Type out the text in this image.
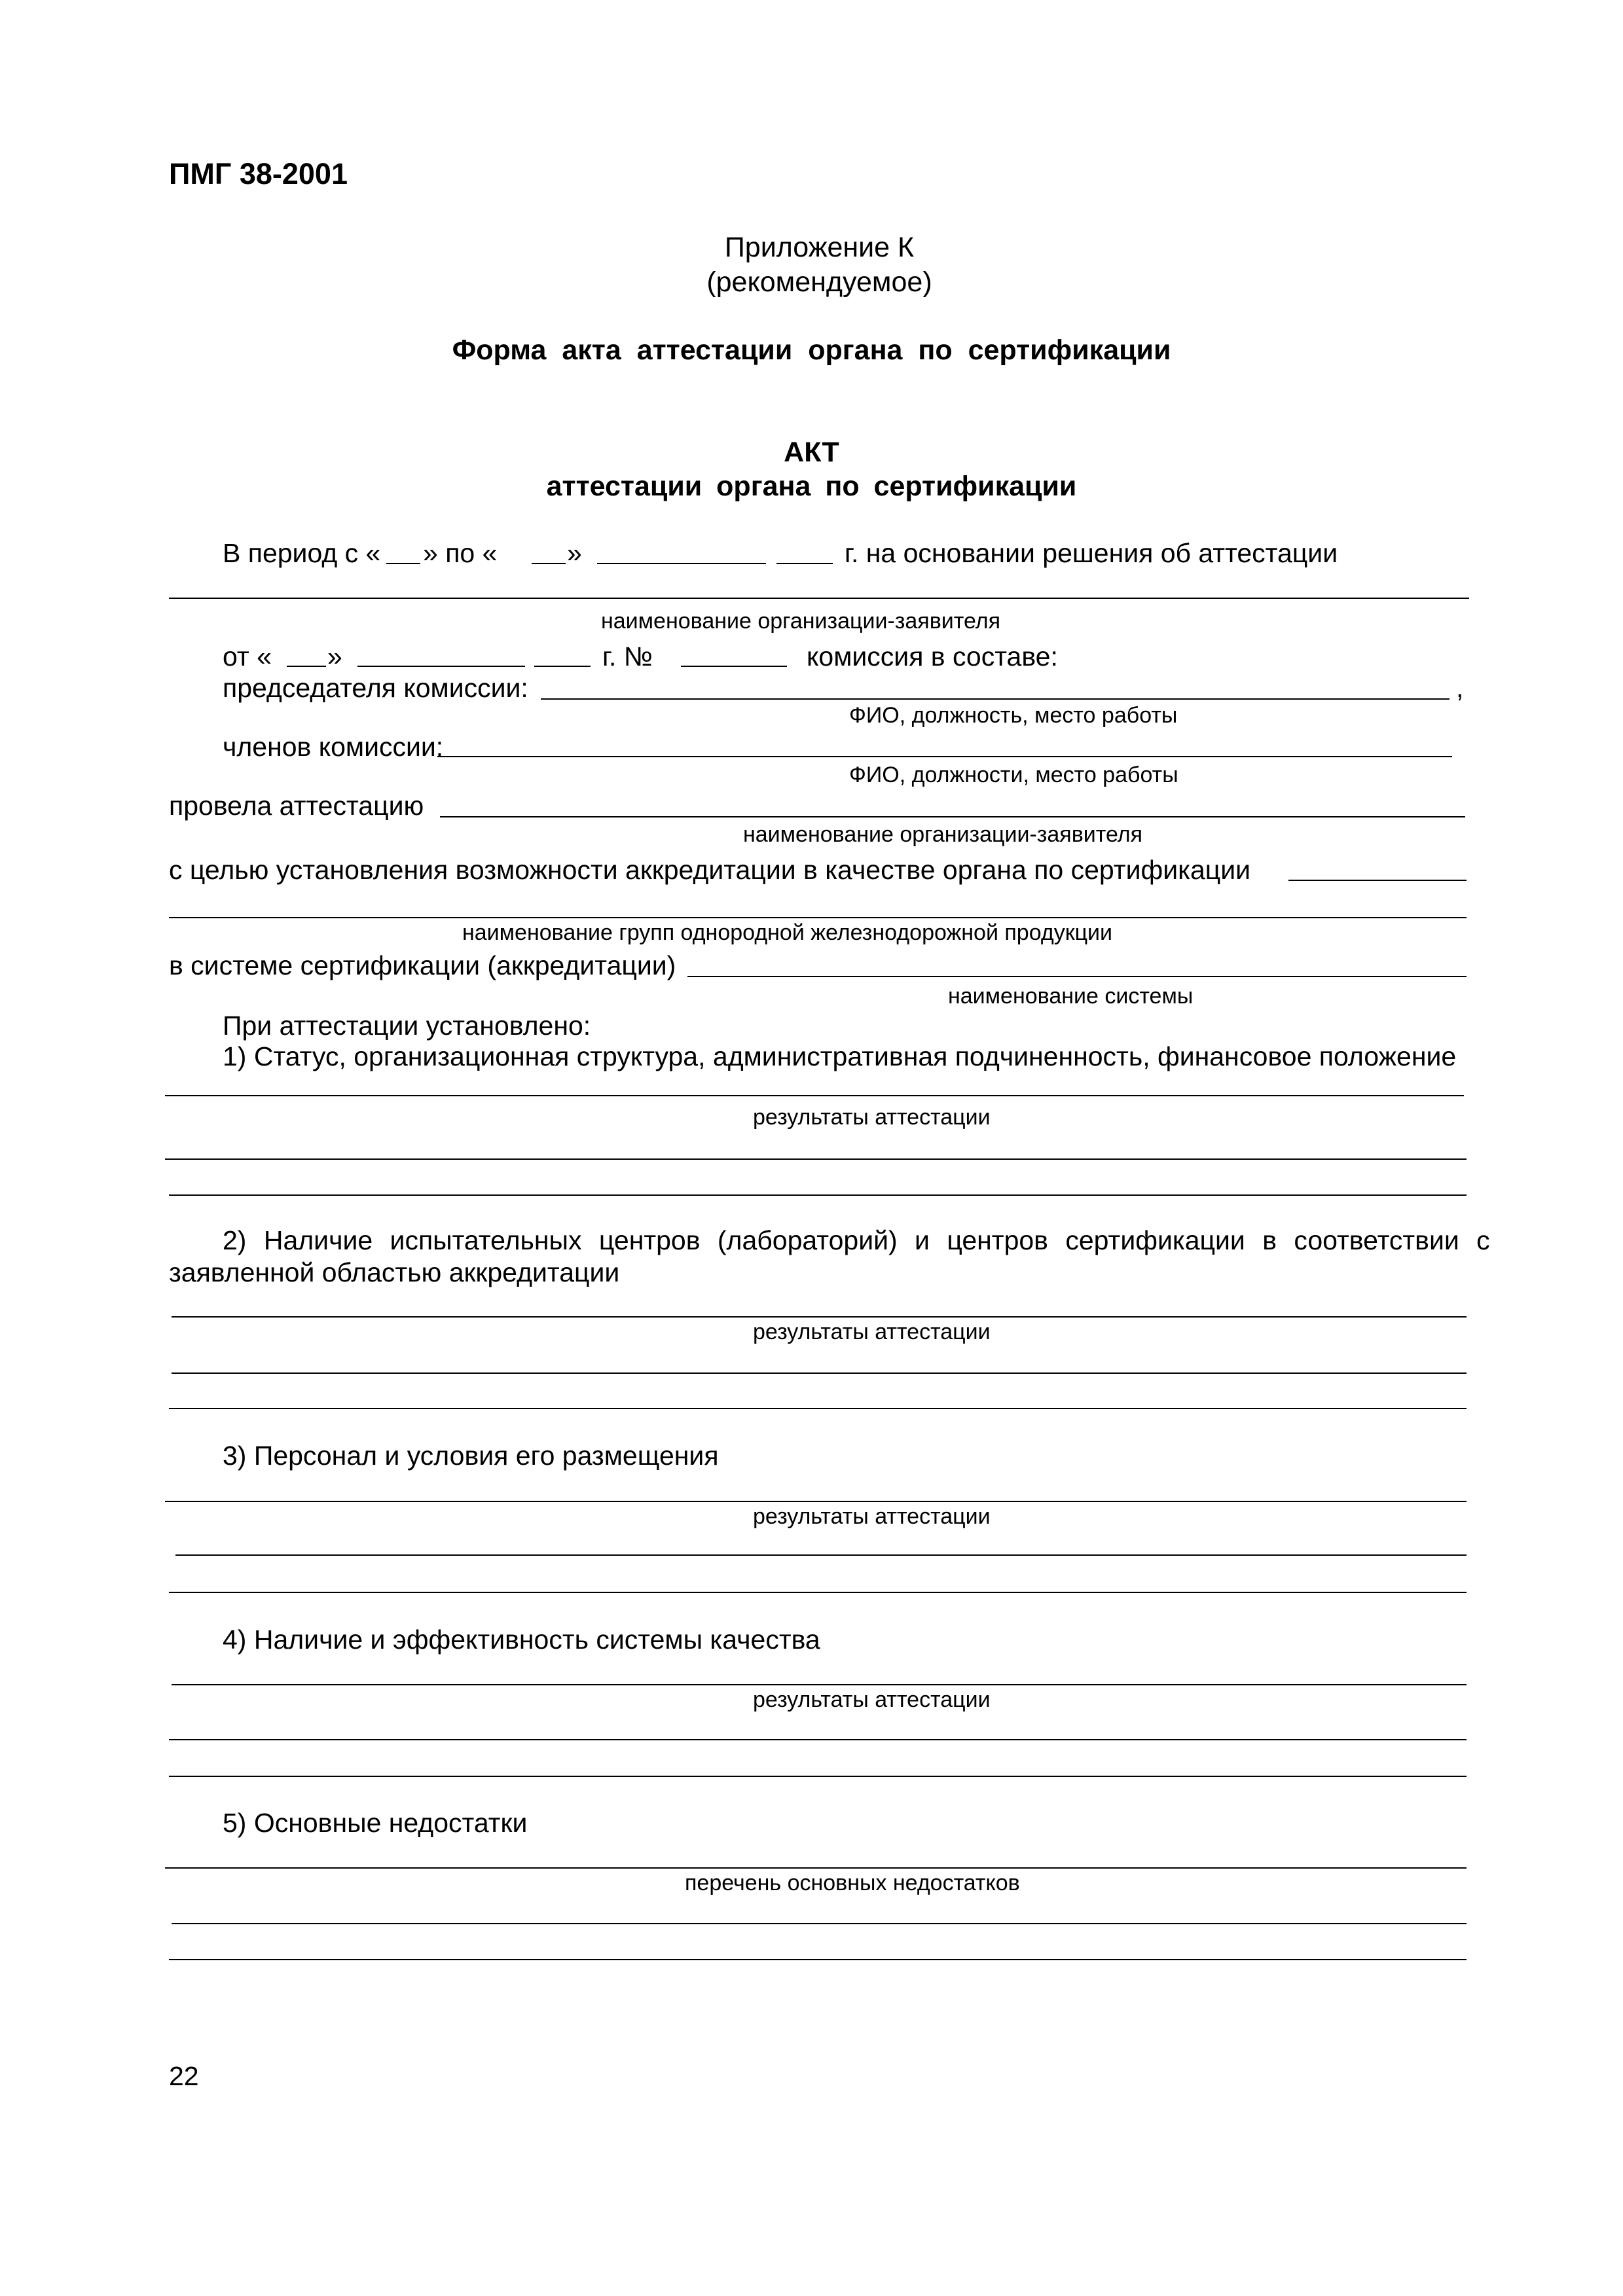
ПМГ 38-2001
Приложение К
(рекомендуемое)
Форма акта аттестации органа по сертификации
АКТ
аттестации органа по сертификации
В период с « » по «	»	г. на основании решения об аттестации
наименование организации-заявителя
от « »	г. №	комиссия в составе:
председателя комиссии:	,
ФИО, должность, место работы
членов комиссии:
ФИО, должности, место работы
провела аттестацию
наименование организации-заявителя
с целью установления возможности аккредитации в качестве органа по сертификации
наименование групп однородной железнодорожной продукции
в системе сертификации (аккредитации)
наименование системы
При аттестации установлено:
1) Статус, организационная структура, административная подчиненность, финансовое положение
результаты аттестации
2) Наличие испытательных центров (лабораторий) и центров сертификации в соответствии с
заявленной областью аккредитации
результаты аттестации
3) Персонал и условия его размещения
результаты аттестации
4) Наличие и эффективность системы качества
результаты аттестации
5) Основные недостатки
перечень основных недостатков
22
